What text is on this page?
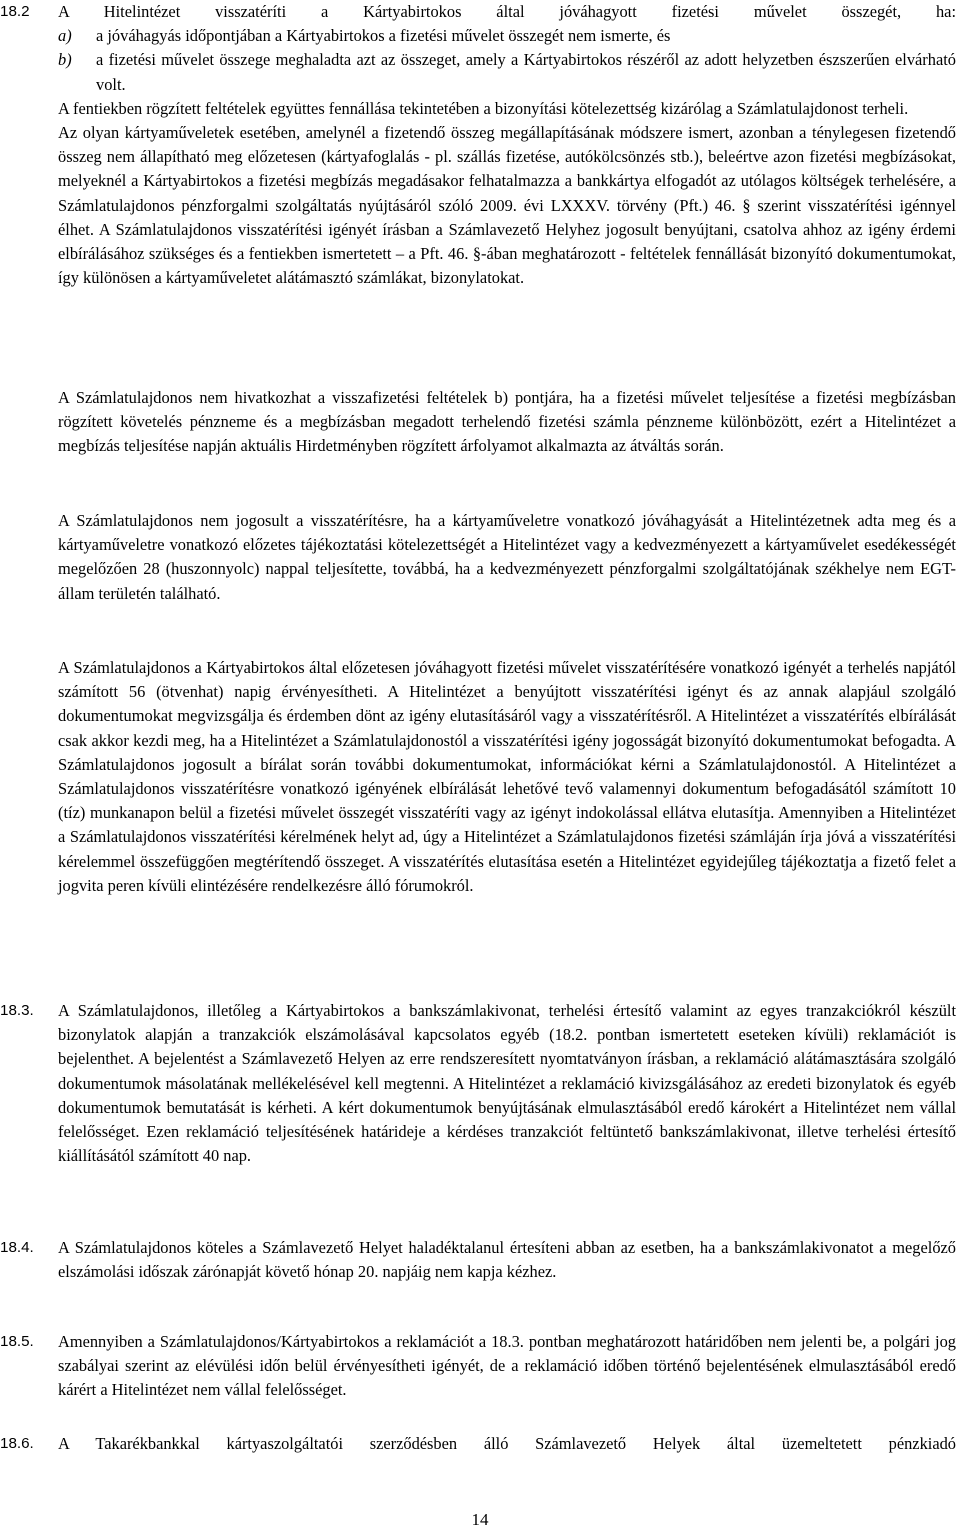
18.2	A Hitelintézet visszatéríti a Kártyabirtokos által jóváhagyott fizetési művelet összegét, ha:
a) a jóváhagyás időpontjában a Kártyabirtokos a fizetési művelet összegét nem ismerte, és
b) a fizetési művelet összege meghaladta azt az összeget, amely a Kártyabirtokos részéről az adott helyzetben észszerűen elvárható volt.
A fentiekben rögzített feltételek együttes fennállása tekintetében a bizonyítási kötelezettség kizárólag a Számlatulajdonost terheli.
Az olyan kártyaműveletek esetében, amelynél a fizetendő összeg megállapításának módszere ismert, azonban a ténylegesen fizetendő összeg nem állapítható meg előzetesen (kártyafoglalás - pl. szállás fizetése, autókölcsönzés stb.), beleértve azon fizetési megbízásokat, melyeknél a Kártyabirtokos a fizetési megbízás megadásakor felhatalmazza a bankkártya elfogadót az utólagos költségek terhelésére, a Számlatulajdonos pénzforgalmi szolgáltatás nyújtásáról szóló 2009. évi LXXXV. törvény (Pft.) 46. § szerint visszatérítési igénnyel élhet. A Számlatulajdonos visszatérítési igényét írásban a Számlavezető Helyhez jogosult benyújtani, csatolva ahhoz az igény érdemi elbírálásához szükséges és a fentiekben ismertetett – a Pft. 46. §-ában meghatározott - feltételek fennállását bizonyító dokumentumokat, így különösen a kártyaműveletet alátámasztó számlákat, bizonylatokat.
A Számlatulajdonos nem hivatkozhat a visszafizetési feltételek b) pontjára, ha a fizetési művelet teljesítése a fizetési megbízásban rögzített követelés pénzneme és a megbízásban megadott terhelendő fizetési számla pénzneme különbözött, ezért a Hitelintézet a megbízás teljesítése napján aktuális Hirdetményben rögzített árfolyamot alkalmazta az átváltás során.
A Számlatulajdonos nem jogosult a visszatérítésre, ha a kártyaműveletre vonatkozó jóváhagyását a Hitelintézetnek adta meg és a kártyaműveletre vonatkozó előzetes tájékoztatási kötelezettségét a Hitelintézet vagy a kedvezményezett a kártyaművelet esedékességét megelőzően 28 (huszonnyolc) nappal teljesítette, továbbá, ha a kedvezményezett pénzforgalmi szolgáltatójának székhelye nem EGT-állam területén található.
A Számlatulajdonos a Kártyabirtokos által előzetesen jóváhagyott fizetési művelet visszatérítésére vonatkozó igényét a terhelés napjától számított 56 (ötvenhat) napig érvényesítheti. A Hitelintézet a benyújtott visszatérítési igényt és az annak alapjául szolgáló dokumentumokat megvizsgálja és érdemben dönt az igény elutasításáról vagy a visszatérítésről. A Hitelintézet a visszatérítés elbírálását csak akkor kezdi meg, ha a Hitelintézet a Számlatulajdonostól a visszatérítési igény jogosságát bizonyító dokumentumokat befogadta. A Számlatulajdonos jogosult a bírálat során további dokumentumokat, információkat kérni a Számlatulajdonostól. A Hitelintézet a Számlatulajdonos visszatérítésre vonatkozó igényének elbírálását lehetővé tevő valamennyi dokumentum befogadásától számított 10 (tíz) munkanapon belül a fizetési művelet összegét visszatéríti vagy az igényt indokolással ellátva elutasítja. Amennyiben a Hitelintézet a Számlatulajdonos visszatérítési kérelmének helyt ad, úgy a Hitelintézet a Számlatulajdonos fizetési számláján írja jóvá a visszatérítési kérelemmel összefüggően megtérítendő összeget. A visszatérítés elutasítása esetén a Hitelintézet egyidejűleg tájékoztatja a fizető felet a jogvita peren kívüli elintézésére rendelkezésre álló fórumokról.
18.3.	A Számlatulajdonos, illetőleg a Kártyabirtokos a bankszámlakivonat, terhelési értesítő valamint az egyes tranzakciókról készült bizonylatok alapján a tranzakciók elszámolásával kapcsolatos egyéb (18.2. pontban ismertetett eseteken kívüli) reklamációt is bejelenthet. A bejelentést a Számlavezető Helyen az erre rendszeresített nyomtatványon írásban, a reklamáció alátámasztására szolgáló dokumentumok másolatának mellékelésével kell megtenni. A Hitelintézet a reklamáció kivizsgálásához az eredeti bizonylatok és egyéb dokumentumok bemutatását is kérheti. A kért dokumentumok benyújtásának elmulasztásából eredő károkért a Hitelintézet nem vállal felelősséget. Ezen reklamáció teljesítésének határideje a kérdéses tranzakciót feltüntető bankszámlakivonat, illetve terhelési értesítő kiállításától számított 40 nap.
18.4.	A Számlatulajdonos köteles a Számlavezető Helyet haladéktalanul értesíteni abban az esetben, ha a bankszámlakivonatot a megelőző elszámolási időszak zárónapját követő hónap 20. napjáig nem kapja kézhez.
18.5.	Amennyiben a Számlatulajdonos/Kártyabirtokos a reklamációt a 18.3. pontban meghatározott határidőben nem jelenti be, a polgári jog szabályai szerint az elévülési időn belül érvényesítheti igényét, de a reklamáció időben történő bejelentésének elmulasztásából eredő kárért a Hitelintézet nem vállal felelősséget.
18.6.	A Takarékbankkal kártyaszolgáltatói szerződésben álló Számlavezető Helyek által üzemeltetett pénzkiadó
14
